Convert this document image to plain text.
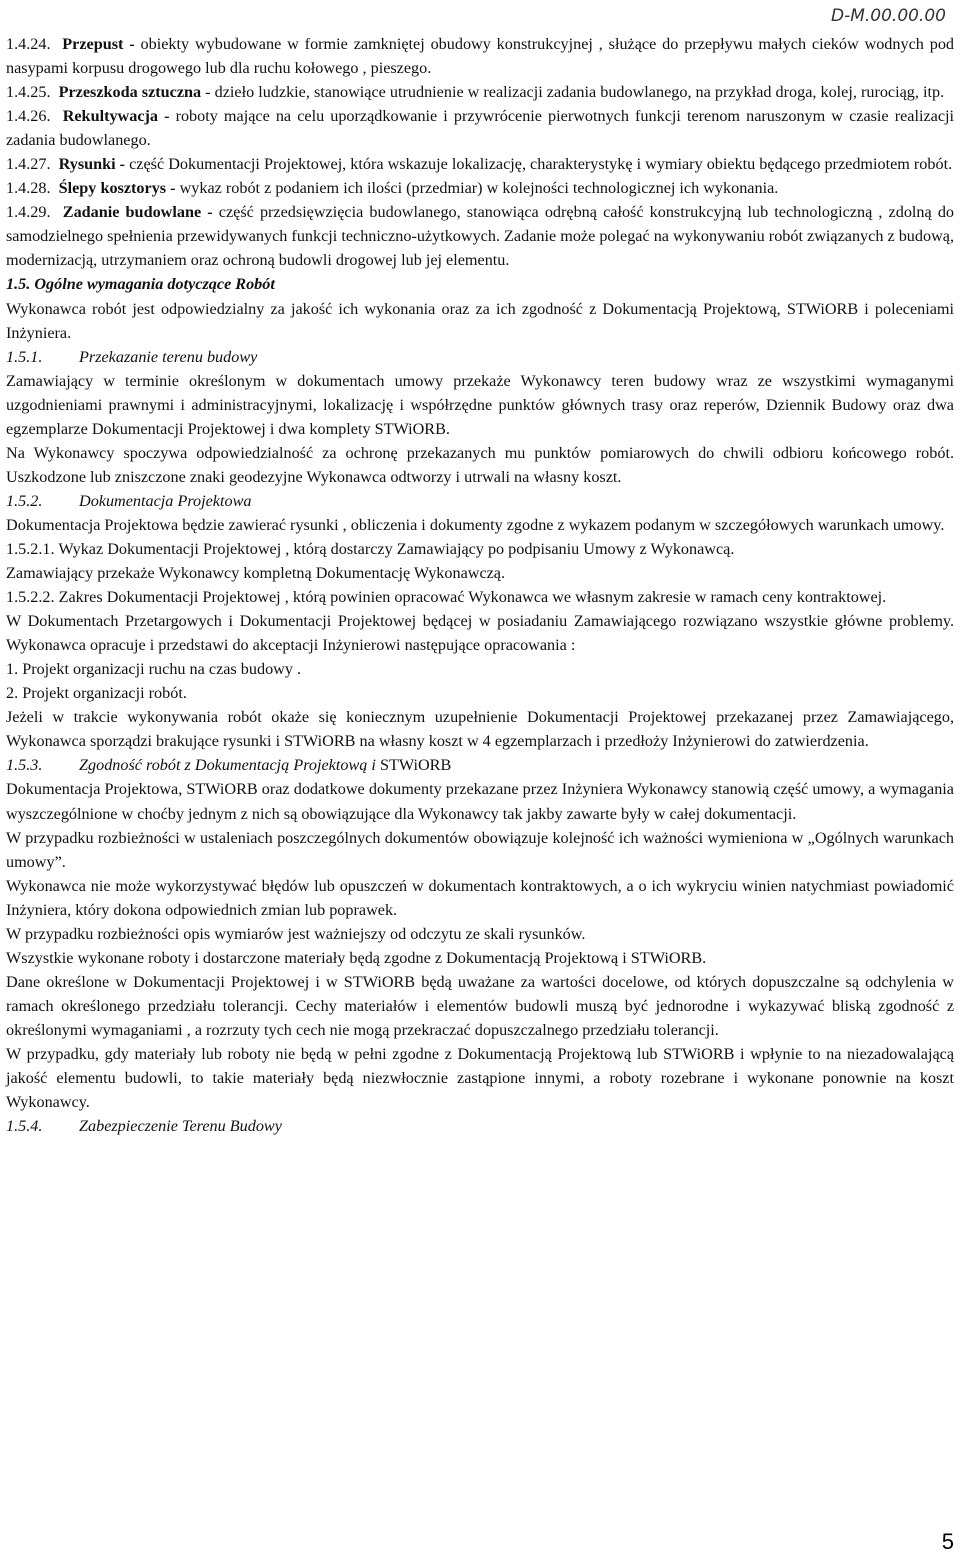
D-M.00.00.00

1.4.24. Przepust - obiekty wybudowane w formie zamkniętej obudowy konstrukcyjnej , służące do przepływu małych cieków wodnych pod nasypami korpusu drogowego lub dla ruchu kołowego , pieszego.

1.4.25. Przeszkoda sztuczna - dzieło ludzkie, stanowiące utrudnienie w realizacji zadania budowlanego, na przykład droga, kolej, rurociąg, itp.

1.4.26. Rekultywacja - roboty mające na celu uporządkowanie i przywrócenie pierwotnych funkcji terenom naruszonym w czasie realizacji zadania budowlanego.

1.4.27. Rysunki - część Dokumentacji Projektowej, która wskazuje lokalizację, charakterystykę i wymiary obiektu będącego przedmiotem robót.

1.4.28. Ślepy kosztorys - wykaz robót z podaniem ich ilości (przedmiar) w kolejności technologicznej ich wykonania.

1.4.29. Zadanie budowlane - część przedsięwzięcia budowlanego, stanowiąca odrębną całość konstrukcyjną lub technologiczną , zdolną do samodzielnego spełnienia przewidywanych funkcji techniczno-użytkowych. Zadanie może polegać na wykonywaniu robót związanych z budową, modernizacją, utrzymaniem oraz ochroną budowli drogowej lub jej elementu.

1.5. Ogólne wymagania dotyczące Robót

Wykonawca robót jest odpowiedzialny za jakość ich wykonania oraz za ich zgodność z Dokumentacją Projektową, STWiORB i poleceniami Inżyniera.

1.5.1. Przekazanie terenu budowy

Zamawiający w terminie określonym w dokumentach umowy przekaże Wykonawcy teren budowy wraz ze wszystkimi wymaganymi uzgodnieniami prawnymi i administracyjnymi, lokalizację i współrzędne punktów głównych trasy oraz reperów, Dziennik Budowy oraz dwa egzemplarze Dokumentacji Projektowej i dwa komplety STWiORB.

Na Wykonawcy spoczywa odpowiedzialność za ochronę przekazanych mu punktów pomiarowych do chwili odbioru końcowego robót. Uszkodzone lub zniszczone znaki geodezyjne Wykonawca odtworzy i utrwali na własny koszt.

1.5.2. Dokumentacja Projektowa

Dokumentacja Projektowa będzie zawierać rysunki , obliczenia i dokumenty zgodne z wykazem podanym w szczegółowych warunkach umowy.

1.5.2.1. Wykaz Dokumentacji Projektowej , którą dostarczy Zamawiający po podpisaniu Umowy z Wykonawcą.

Zamawiający przekaże Wykonawcy kompletną Dokumentację Wykonawczą.

1.5.2.2. Zakres Dokumentacji Projektowej , którą powinien opracować Wykonawca we własnym zakresie w ramach ceny kontraktowej.

W Dokumentach Przetargowych i Dokumentacji Projektowej będącej w posiadaniu Zamawiającego rozwiązano wszystkie główne problemy. Wykonawca opracuje i przedstawi do akceptacji Inżynierowi następujące opracowania :

1. Projekt organizacji ruchu na czas budowy .

2. Projekt organizacji robót.

Jeżeli w trakcie wykonywania robót okaże się koniecznym uzupełnienie Dokumentacji Projektowej przekazanej przez Zamawiającego, Wykonawca sporządzi brakujące rysunki i STWiORB na własny koszt w 4 egzemplarzach i przedłoży Inżynierowi do zatwierdzenia.

1.5.3. Zgodność robót z Dokumentacją Projektową i STWiORB

Dokumentacja Projektowa, STWiORB oraz dodatkowe dokumenty przekazane przez Inżyniera Wykonawcy stanowią część umowy, a wymagania wyszczególnione w choćby jednym z nich są obowiązujące dla Wykonawcy tak jakby zawarte były w całej dokumentacji.

W przypadku rozbieżności w ustaleniach poszczególnych dokumentów obowiązuje kolejność ich ważności wymieniona w „Ogólnych warunkach umowy”.

Wykonawca nie może wykorzystywać błędów lub opuszczeń w dokumentach kontraktowych, a o ich wykryciu winien natychmiast powiadomić Inżyniera, który dokona odpowiednich zmian lub poprawek.

W przypadku rozbieżności opis wymiarów jest ważniejszy od odczytu ze skali rysunków.

Wszystkie wykonane roboty i dostarczone materiały będą zgodne z Dokumentacją Projektową i STWiORB.

Dane określone w Dokumentacji Projektowej i w STWiORB będą uważane za wartości docelowe, od których dopuszczalne są odchylenia w ramach określonego przedziału tolerancji. Cechy materiałów i elementów budowli muszą być jednorodne i wykazywać bliską zgodność z określonymi wymaganiami , a rozrzuty tych cech nie mogą przekraczać dopuszczalnego przedziału tolerancji.

W przypadku, gdy materiały lub roboty nie będą w pełni zgodne z Dokumentacją Projektową lub STWiORB i wpłynie to na niezadowalającą jakość elementu budowli, to takie materiały będą niezwłocznie zastąpione innymi, a roboty rozebrane i wykonane ponownie na koszt Wykonawcy.

1.5.4. Zabezpieczenie Terenu Budowy

5
